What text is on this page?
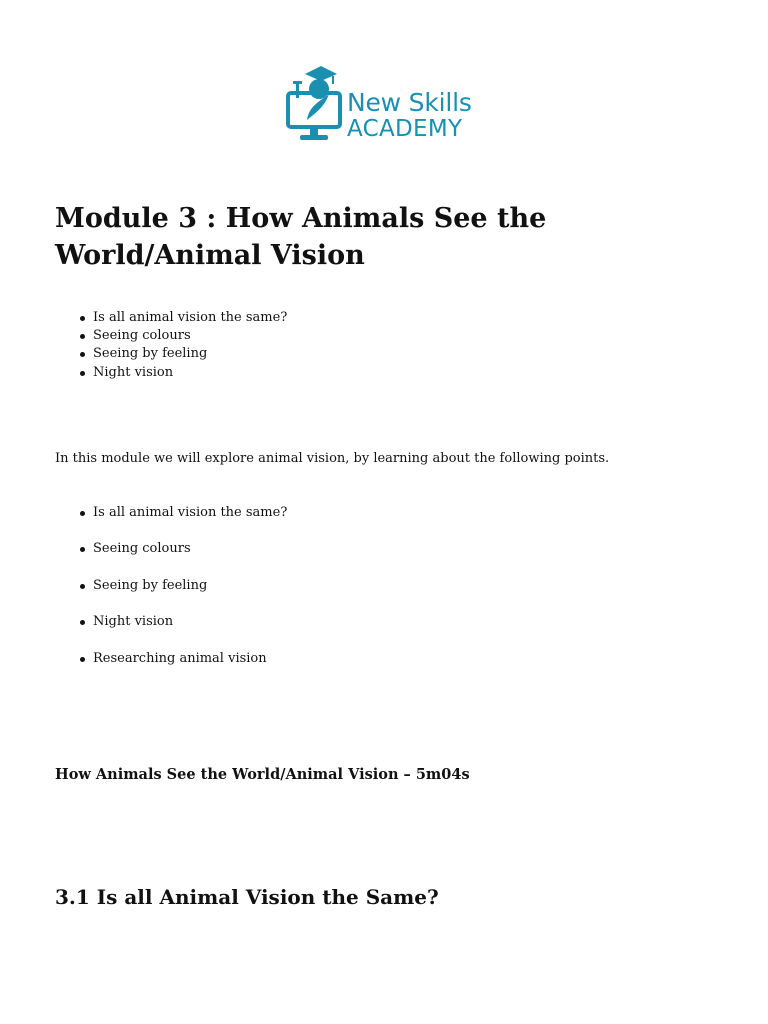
New Skills
ACADEMY
Module 3 : How Animals See the World/Animal Vision
Is all animal vision the same?
Seeing colours
Seeing by feeling
Night vision

In this module we will explore animal vision, by learning about the following points.

Is all animal vision the same?
Seeing colours
Seeing by feeling
Night vision
Researching animal vision

How Animals See the World/Animal Vision – 5m04s

3.1 Is all Animal Vision the Same?
